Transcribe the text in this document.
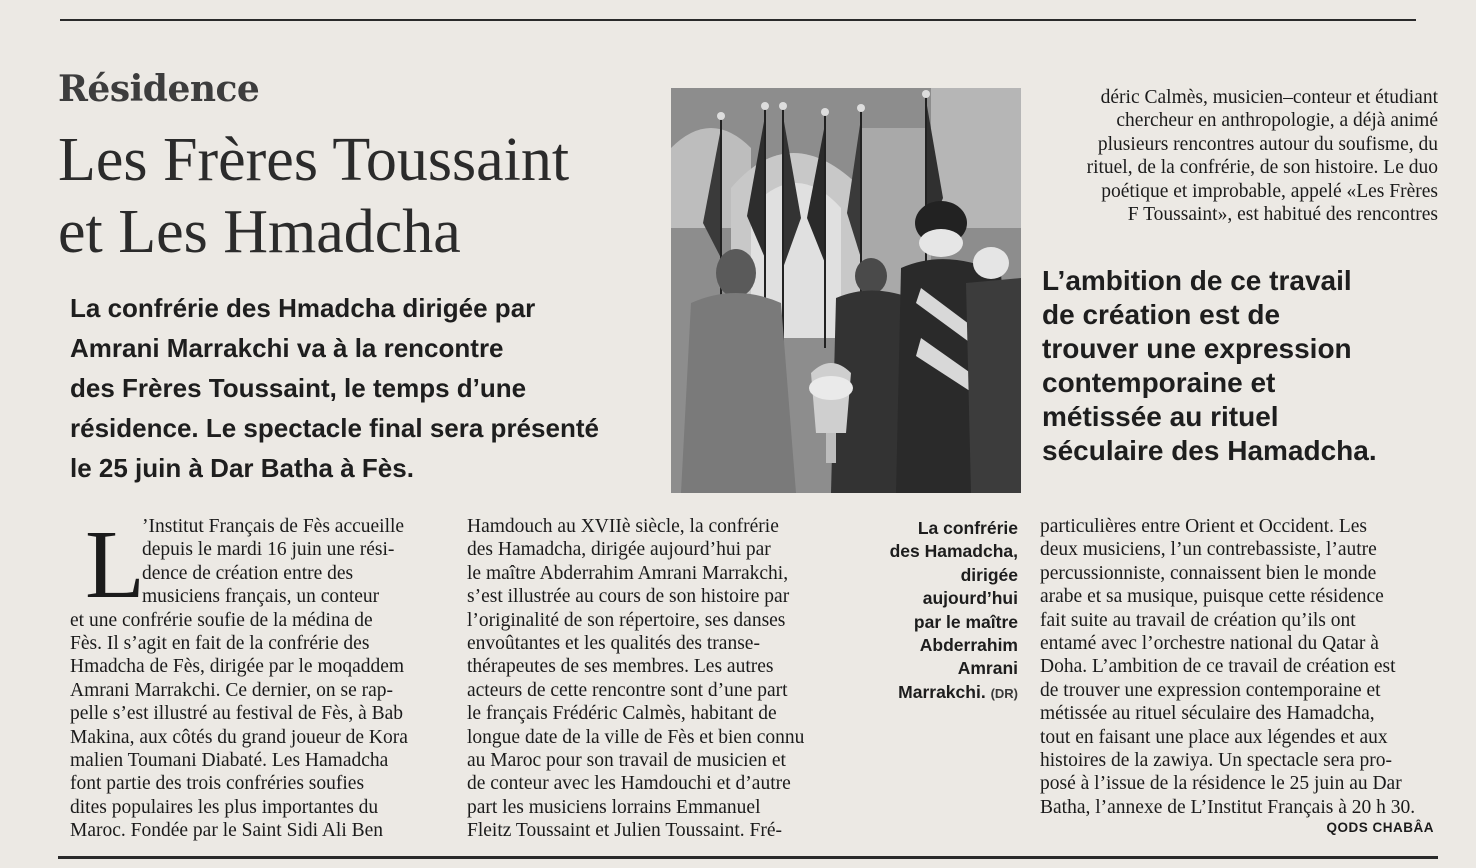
Résidence
Les Frères Toussaint
et Les Hmadcha
La confrérie des Hmadcha dirigée par
Amrani Marrakchi va à la rencontre
des Frères Toussaint, le temps d’une
résidence. Le spectacle final sera présenté
le 25 juin à Dar Batha à Fès.
L
’Institut Français de Fès accueille
depuis le mardi 16 juin une rési-
dence de création entre des
musiciens français, un conteur
et une confrérie soufie de la médina de
Fès. Il s’agit en fait de la confrérie des
Hmadcha de Fès, dirigée par le moqaddem
Amrani Marrakchi. Ce dernier, on se rap-
pelle s’est illustré au festival de Fès, à Bab
Makina, aux côtés du grand joueur de Kora
malien Toumani Diabaté. Les Hamadcha
font partie des trois confréries soufies
dites populaires les plus importantes du
Maroc. Fondée par le Saint Sidi Ali Ben
Hamdouch au XVIIè siècle, la confrérie
des Hamadcha, dirigée aujourd’hui par
le maître Abderrahim Amrani Marrakchi,
s’est illustrée au cours de son histoire par
l’originalité de son répertoire, ses danses
envoûtantes et les qualités des transe-
thérapeutes de ses membres. Les autres
acteurs de cette rencontre sont d’une part
le français Frédéric Calmès, habitant de
longue date de la ville de Fès et bien connu
au Maroc pour son travail de musicien et
de conteur avec les Hamdouchi et d’autre
part les musiciens lorrains Emmanuel
Fleitz Toussaint et Julien Toussaint. Fré-
La confrérie
des Hamadcha,
dirigée
aujourd’hui
par le maître
Abderrahim
Amrani
Marrakchi. (DR)
déric Calmès, musicien–conteur et étudiant
chercheur en anthropologie, a déjà animé
plusieurs rencontres autour du soufisme, du
rituel, de la confrérie, de son histoire. Le duo
poétique et improbable, appelé «Les Frères
F Toussaint», est habitué des rencontres
L’ambition de ce travail
de création est de
trouver une expression
contemporaine et
métissée au rituel
séculaire des Hamadcha.
particulières entre Orient et Occident. Les
deux musiciens, l’un contrebassiste, l’autre
percussionniste, connaissent bien le monde
arabe et sa musique, puisque cette résidence
fait suite au travail de création qu’ils ont
entamé avec l’orchestre national du Qatar à
Doha. L’ambition de ce travail de création est
de trouver une expression contemporaine et
métissée au rituel séculaire des Hamadcha,
tout en faisant une place aux légendes et aux
histoires de la zawiya. Un spectacle sera pro-
posé à l’issue de la résidence le 25 juin au Dar
Batha, l’annexe de L’Institut Français à 20 h 30.
QODS CHABÂA
